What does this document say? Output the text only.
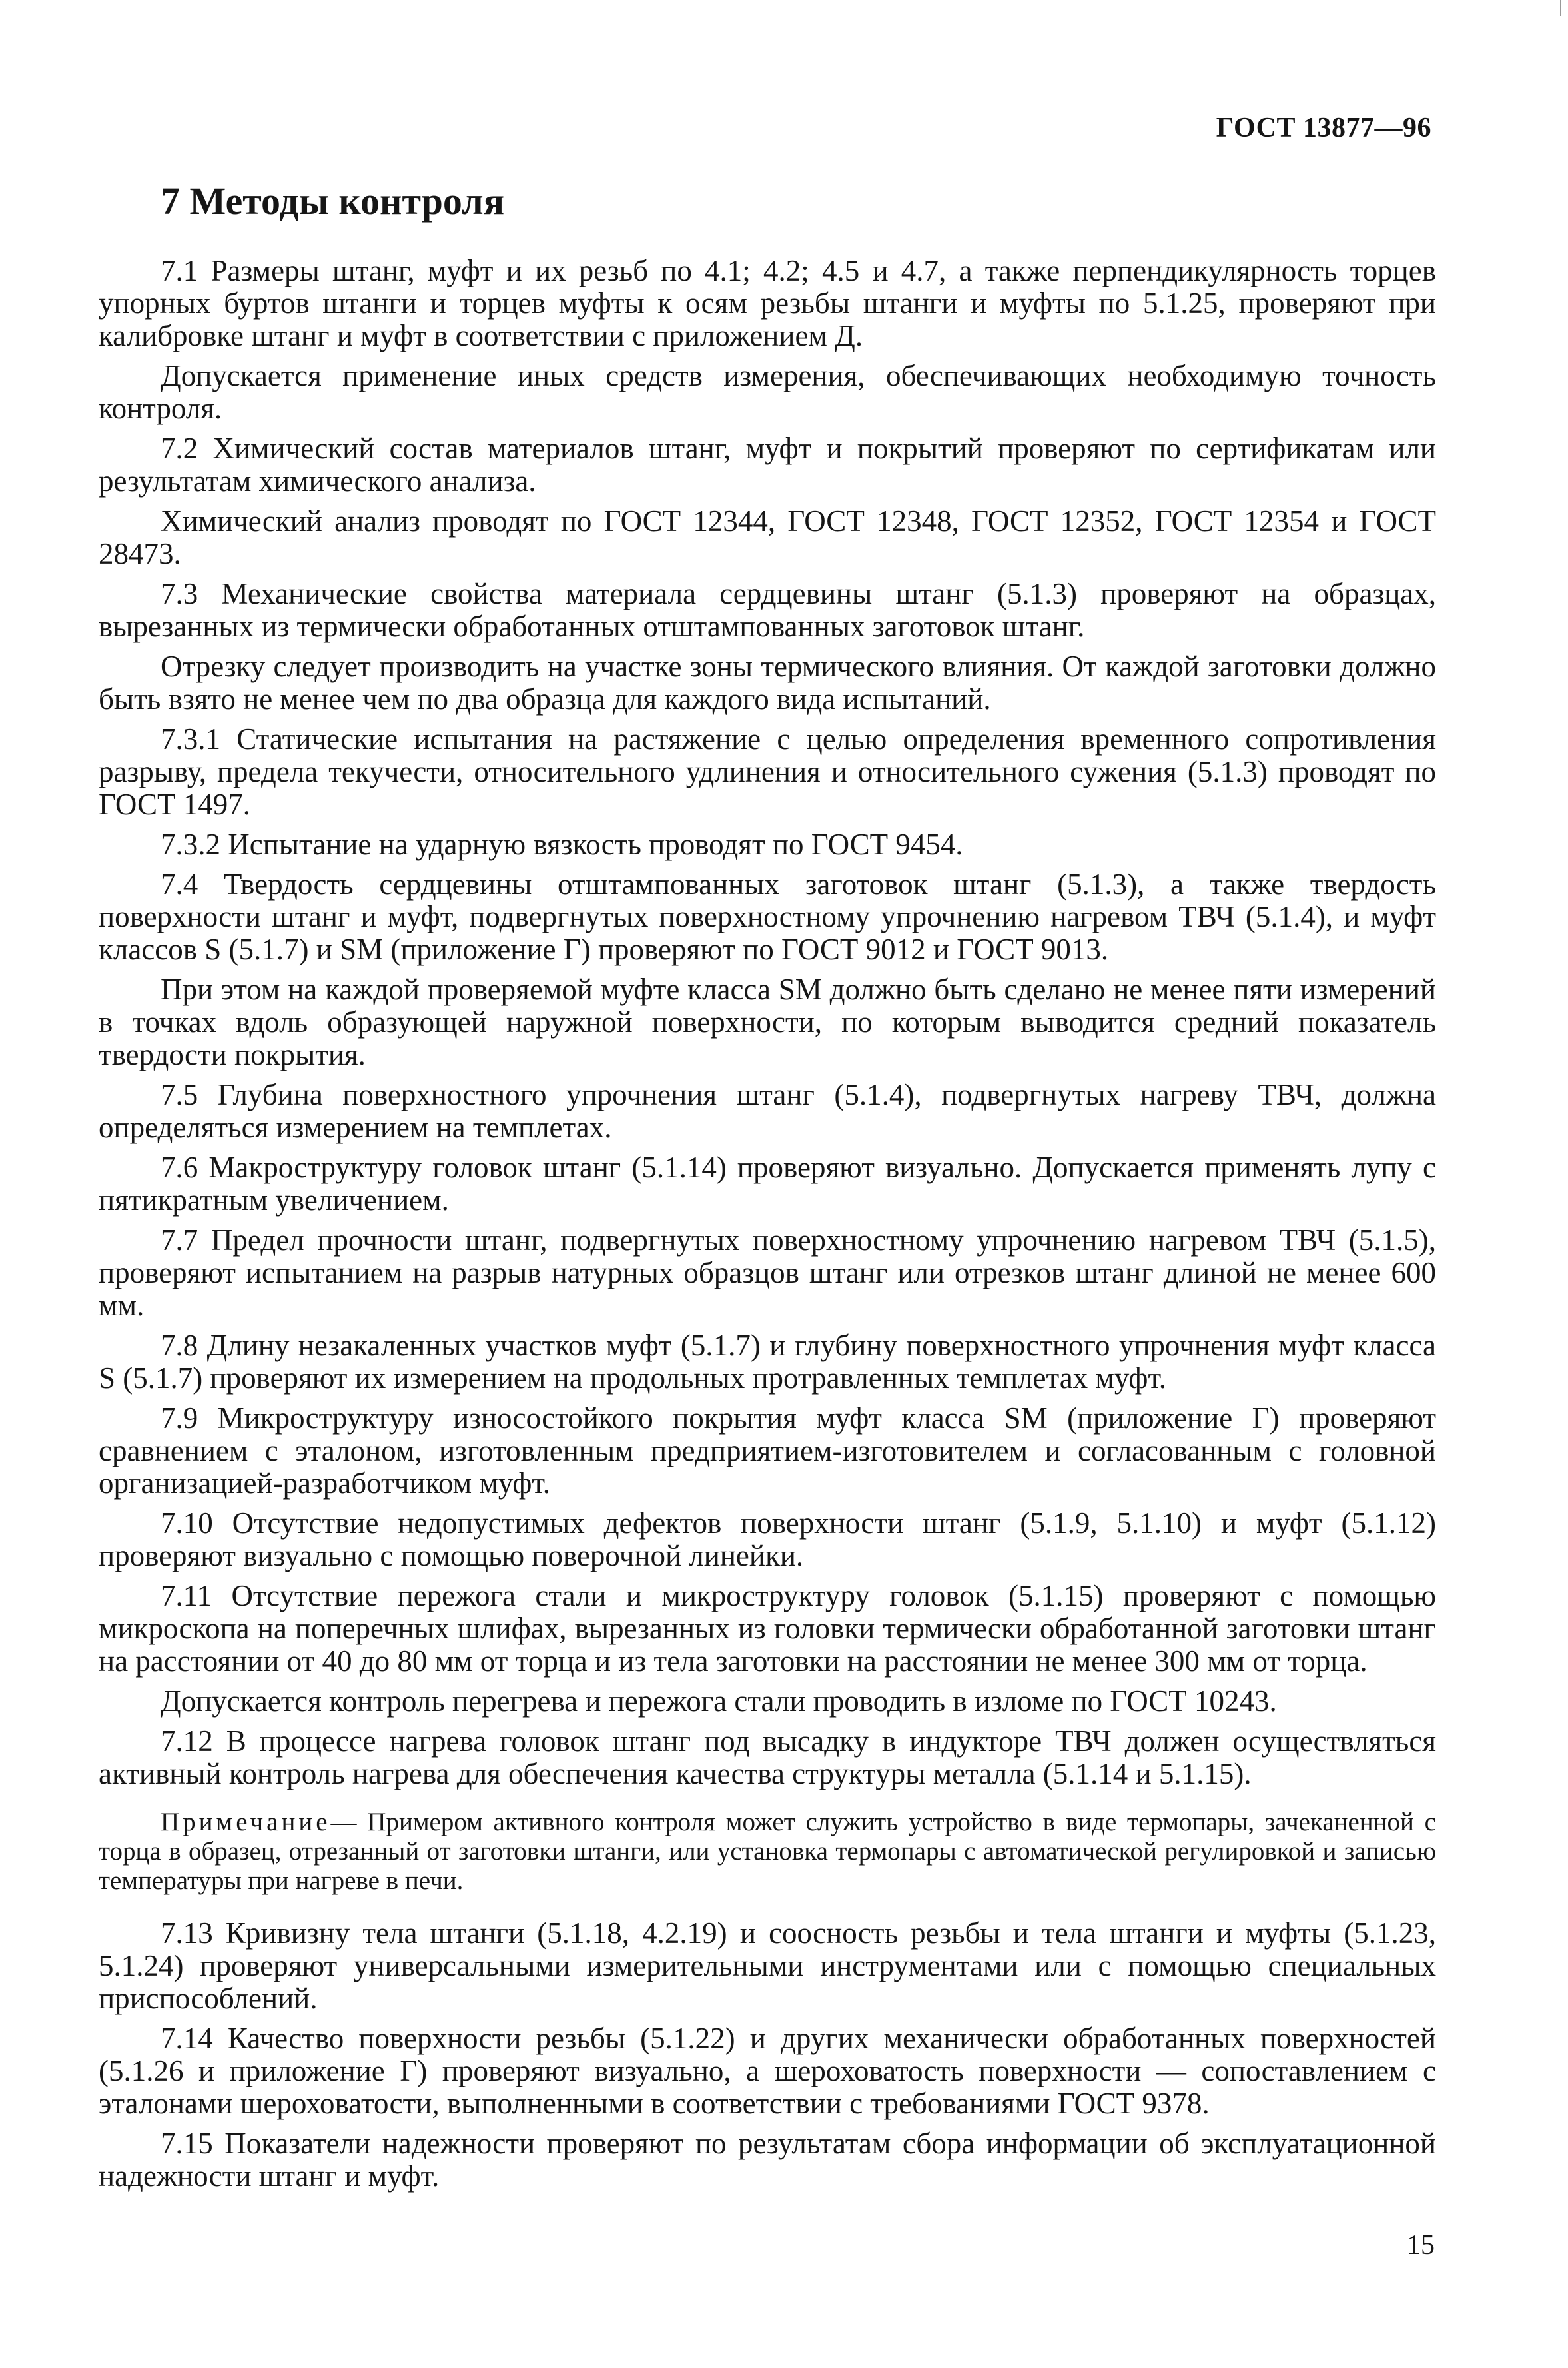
ГОСТ 13877—96
7 Методы контроля

7.1 Размеры штанг, муфт и их резьб по 4.1; 4.2; 4.5 и 4.7, а также перпендикулярность торцев упорных буртов штанги и торцев муфты к осям резьбы штанги и муфты по 5.1.25, проверяют при калибровке штанг и муфт в соответствии с приложением Д.

Допускается применение иных средств измерения, обеспечивающих необходимую точность контроля.

7.2 Химический состав материалов штанг, муфт и покрытий проверяют по сертификатам или результатам химического анализа.

Химический анализ проводят по ГОСТ 12344, ГОСТ 12348, ГОСТ 12352, ГОСТ 12354 и ГОСТ 28473.

7.3 Механические свойства материала сердцевины штанг (5.1.3) проверяют на образцах, вырезанных из термически обработанных отштампованных заготовок штанг.

Отрезку следует производить на участке зоны термического влияния. От каждой заготовки должно быть взято не менее чем по два образца для каждого вида испытаний.

7.3.1 Статические испытания на растяжение с целью определения временного сопротивления разрыву, предела текучести, относительного удлинения и относительного сужения (5.1.3) проводят по ГОСТ 1497.

7.3.2 Испытание на ударную вязкость проводят по ГОСТ 9454.

7.4 Твердость сердцевины отштампованных заготовок штанг (5.1.3), а также твердость поверхности штанг и муфт, подвергнутых поверхностному упрочнению нагревом ТВЧ (5.1.4), и муфт классов S (5.1.7) и SM (приложение Г) проверяют по ГОСТ 9012 и ГОСТ 9013.

При этом на каждой проверяемой муфте класса SM должно быть сделано не менее пяти измерений в точках вдоль образующей наружной поверхности, по которым выводится средний показатель твердости покрытия.

7.5 Глубина поверхностного упрочнения штанг (5.1.4), подвергнутых нагреву ТВЧ, должна определяться измерением на темплетах.

7.6 Макроструктуру головок штанг (5.1.14) проверяют визуально. Допускается применять лупу с пятикратным увеличением.

7.7 Предел прочности штанг, подвергнутых поверхностному упрочнению нагревом ТВЧ (5.1.5), проверяют испытанием на разрыв натурных образцов штанг или отрезков штанг длиной не менее 600 мм.

7.8 Длину незакаленных участков муфт (5.1.7) и глубину поверхностного упрочнения муфт класса S (5.1.7) проверяют их измерением на продольных протравленных темплетах муфт.

7.9 Микроструктуру износостойкого покрытия муфт класса SM (приложение Г) проверяют сравнением с эталоном, изготовленным предприятием-изготовителем и согласованным с головной организацией-разработчиком муфт.

7.10 Отсутствие недопустимых дефектов поверхности штанг (5.1.9, 5.1.10) и муфт (5.1.12) проверяют визуально с помощью поверочной линейки.

7.11 Отсутствие пережога стали и микроструктуру головок (5.1.15) проверяют с помощью микроскопа на поперечных шлифах, вырезанных из головки термически обработанной заготовки штанг на расстоянии от 40 до 80 мм от торца и из тела заготовки на расстоянии не менее 300 мм от торца.

Допускается контроль перегрева и пережога стали проводить в изломе по ГОСТ 10243.

7.12 В процессе нагрева головок штанг под высадку в индукторе ТВЧ должен осуществляться активный контроль нагрева для обеспечения качества структуры металла (5.1.14 и 5.1.15).

Примечание— Примером активного контроля может служить устройство в виде термопары, зачеканенной с торца в образец, отрезанный от заготовки штанги, или установка термопары с автоматической регулировкой и записью температуры при нагреве в печи.

7.13 Кривизну тела штанги (5.1.18, 4.2.19) и соосность резьбы и тела штанги и муфты (5.1.23, 5.1.24) проверяют универсальными измерительными инструментами или с помощью специальных приспособлений.

7.14 Качество поверхности резьбы (5.1.22) и других механически обработанных поверхностей (5.1.26 и приложение Г) проверяют визуально, а шероховатость поверхности — сопоставлением с эталонами шероховатости, выполненными в соответствии с требованиями ГОСТ 9378.

7.15 Показатели надежности проверяют по результатам сбора информации об эксплуатационной надежности штанг и муфт.

15
